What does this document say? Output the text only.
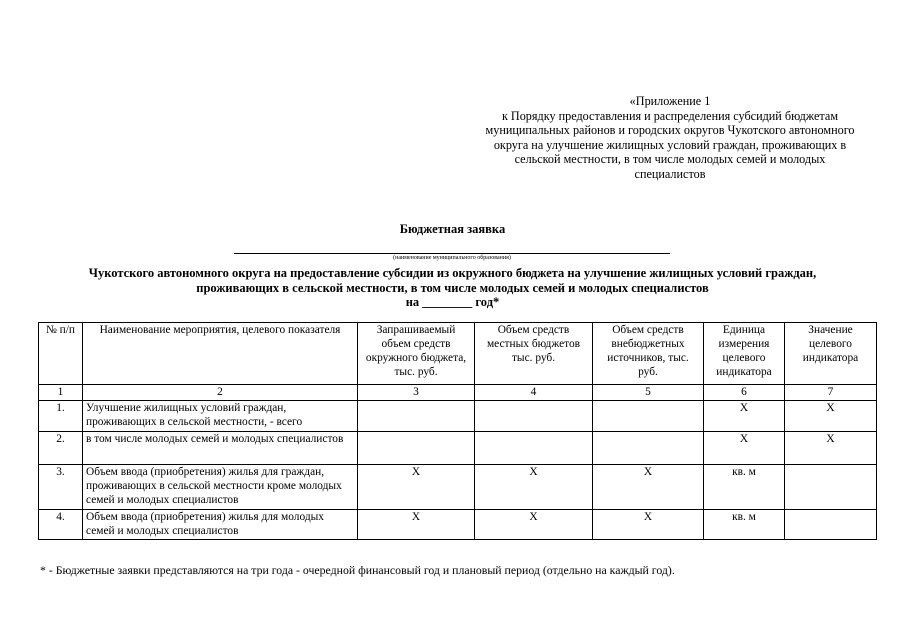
«Приложение 1
к Порядку предоставления и распределения субсидий бюджетам
муниципальных районов и городских округов Чукотского автономного
округа на улучшение жилищных условий граждан, проживающих в
сельской местности, в том числе молодых семей и молодых
специалистов
Бюджетная заявка
(наименование муниципального образования)
Чукотского автономного округа на предоставление субсидии из окружного бюджета на улучшение жилищных условий граждан,
проживающих в сельской местности, в том числе молодых семей и молодых специалистов
на ________ год*
№ п/п	Наименование мероприятия, целевого показателя	Запрашиваемый объем средств окружного бюджета, тыс. руб.	Объем средств местных бюджетов тыс. руб.	Объем средств внебюджетных источников, тыс. руб.	Единица измерения целевого индикатора	Значение целевого индикатора
1	2	3	4	5	6	7
1.	Улучшение жилищных условий граждан, проживающих в сельской местности, - всего				Х	Х
2.	в том числе молодых семей и молодых специалистов				Х	Х
3.	Объем ввода (приобретения) жилья для граждан, проживающих в сельской местности кроме молодых семей и молодых специалистов	Х	Х	Х	кв. м	
4.	Объем ввода (приобретения) жилья для молодых семей и молодых специалистов	Х	Х	Х	кв. м	
* - Бюджетные заявки представляются на три года - очередной финансовый год и плановый период (отдельно на каждый год).
